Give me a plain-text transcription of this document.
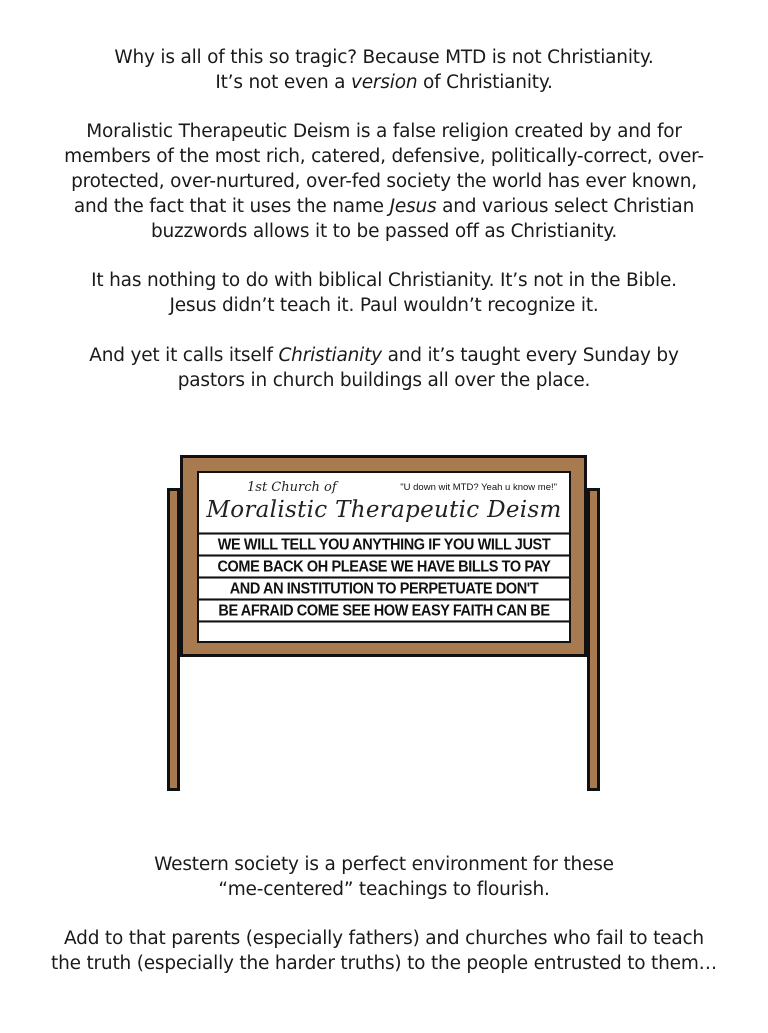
Why is all of this so tragic? Because MTD is not Christianity.
It’s not even a version of Christianity.
Moralistic Therapeutic Deism is a false religion created by and for
members of the most rich, catered, defensive, politically-correct, over-
protected, over-nurtured, over-fed society the world has ever known,
and the fact that it uses the name Jesus and various select Christian
buzzwords allows it to be passed off as Christianity.
It has nothing to do with biblical Christianity. It’s not in the Bible.
Jesus didn’t teach it. Paul wouldn’t recognize it.
And yet it calls itself Christianity and it’s taught every Sunday by
pastors in church buildings all over the place.
1st Church of	"U down wit MTD? Yeah u know me!"
Moralistic Therapeutic Deism
WE WILL TELL YOU ANYTHING IF YOU WILL JUST
COME BACK OH PLEASE WE HAVE BILLS TO PAY
AND AN INSTITUTION TO PERPETUATE DON'T
BE AFRAID COME SEE HOW EASY FAITH CAN BE
Western society is a perfect environment for these
“me-centered” teachings to flourish.
Add to that parents (especially fathers) and churches who fail to teach
the truth (especially the harder truths) to the people entrusted to them…
